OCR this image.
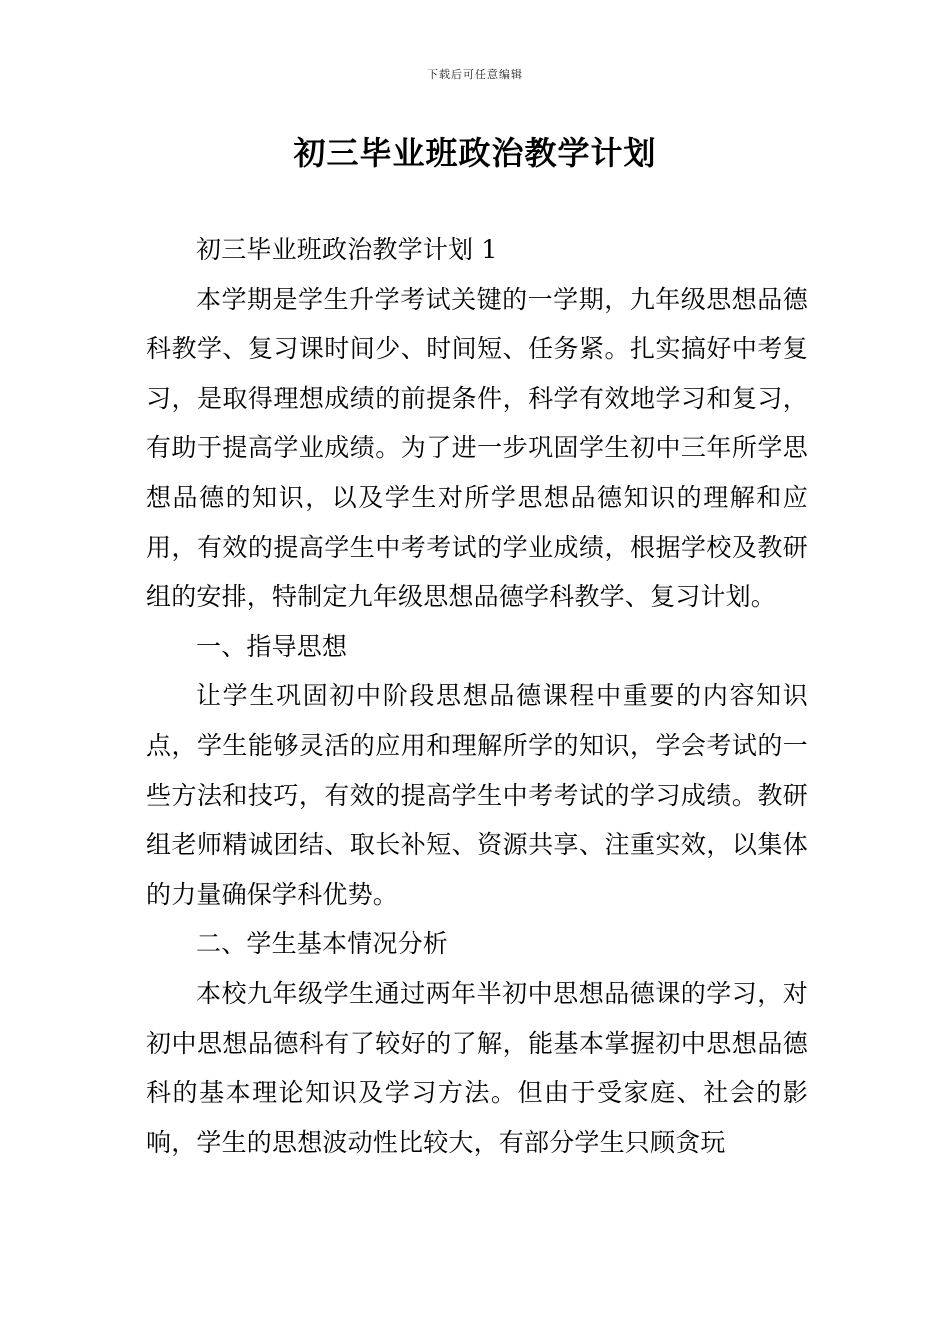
下载后可任意编辑
初三毕业班政治教学计划

初三毕业班政治教学计划 1

本学期是学生升学考试关键的一学期，九年级思想品德科教学、复习课时间少、时间短、任务紧。扎实搞好中考复习，是取得理想成绩的前提条件，科学有效地学习和复习，有助于提高学业成绩。为了进一步巩固学生初中三年所学思想品德的知识，以及学生对所学思想品德知识的理解和应用，有效的提高学生中考考试的学业成绩，根据学校及教研组的安排，特制定九年级思想品德学科教学、复习计划。

一、指导思想

让学生巩固初中阶段思想品德课程中重要的内容知识点，学生能够灵活的应用和理解所学的知识，学会考试的一些方法和技巧，有效的提高学生中考考试的学习成绩。教研组老师精诚团结、取长补短、资源共享、注重实效，以集体的力量确保学科优势。

二、学生基本情况分析

本校九年级学生通过两年半初中思想品德课的学习，对初中思想品德科有了较好的了解，能基本掌握初中思想品德科的基本理论知识及学习方法。但由于受家庭、社会的影响，学生的思想波动性比较大，有部分学生只顾贪玩
